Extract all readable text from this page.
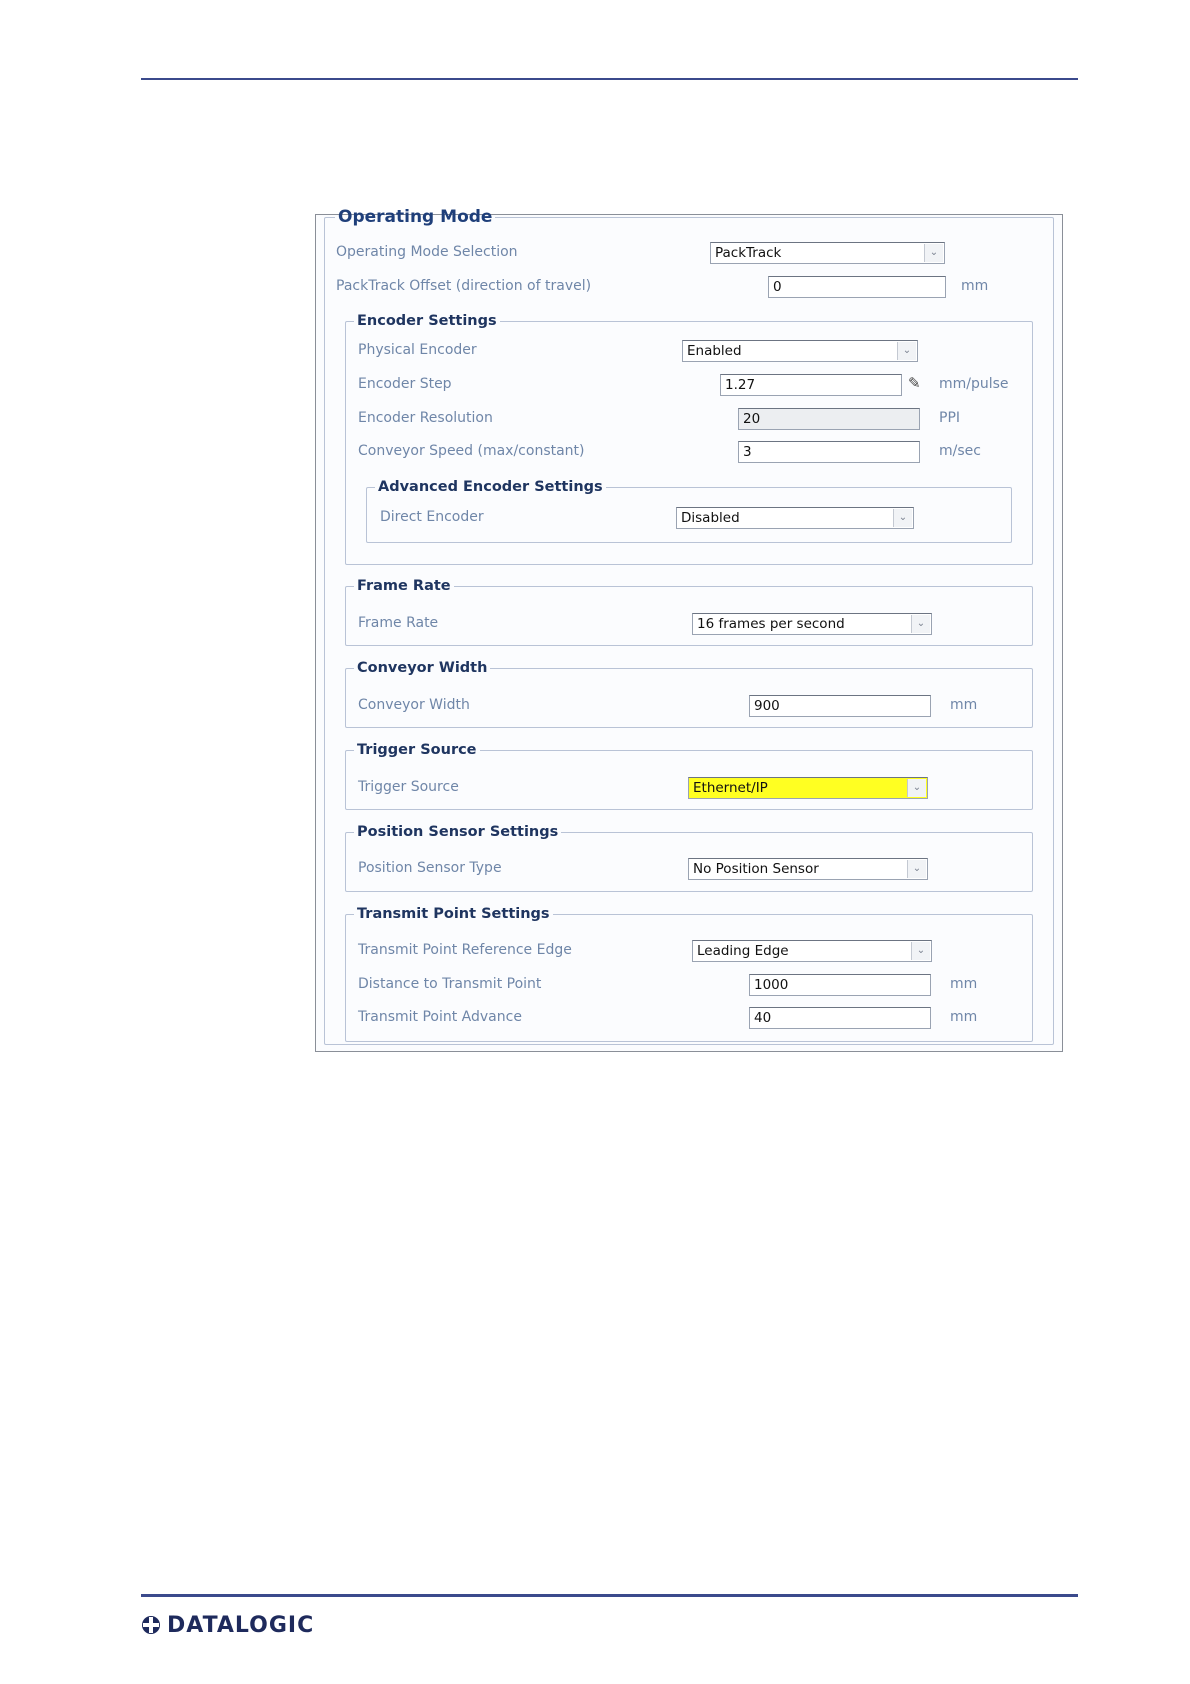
Operating Mode
Operating Mode Selection	PackTrack	⌄
PackTrack Offset (direction of travel)	0	mm
Encoder Settings
Physical Encoder	Enabled	⌄
Encoder Step	1.27	✎ mm/pulse
Encoder Resolution	20	PPI
Conveyor Speed (max/constant)	3	m/sec
Advanced Encoder Settings
Direct Encoder	Disabled	⌄
Frame Rate
Frame Rate	16 frames per second	⌄
Conveyor Width
Conveyor Width	900	mm
Trigger Source
Trigger Source	Ethernet/IP	⌄
Position Sensor Settings
Position Sensor Type	No Position Sensor	⌄
Transmit Point Settings
Transmit Point Reference Edge	Leading Edge	⌄
Distance to Transmit Point	1000	mm
Transmit Point Advance	40	mm
DATALOGIC
